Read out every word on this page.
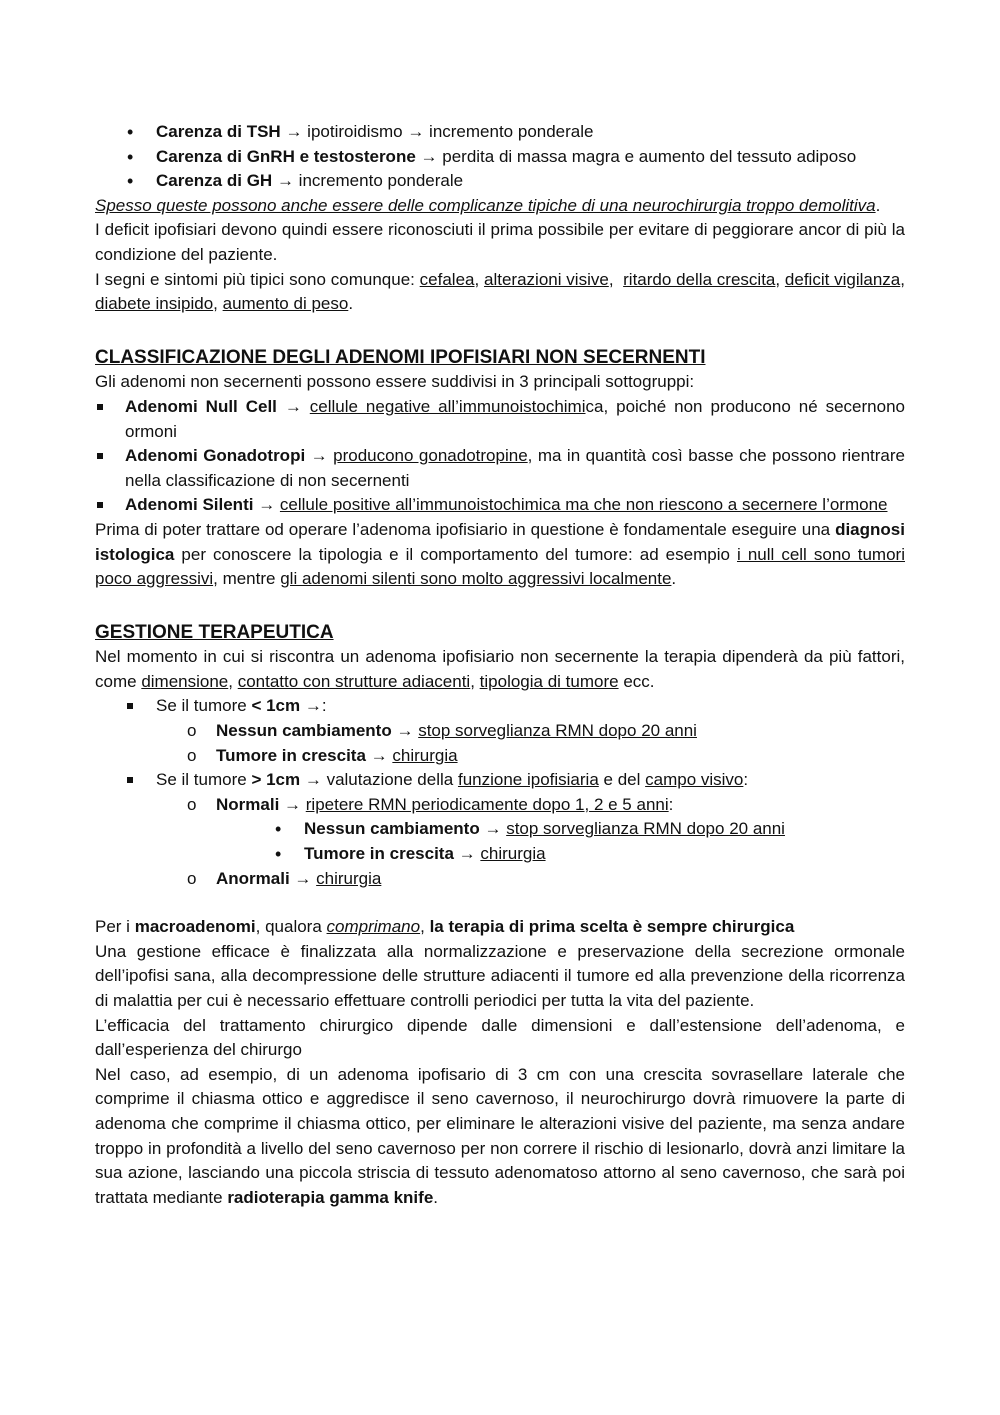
• Carenza di TSH → ipotiroidismo → incremento ponderale
• Carenza di GnRH e testosterone → perdita di massa magra e aumento del tessuto adiposo
• Carenza di GH → incremento ponderale

Spesso queste possono anche essere delle complicanze tipiche di una neurochirurgia troppo demolitiva.

I deficit ipofisiari devono quindi essere riconosciuti il prima possibile per evitare di peggiorare ancor di più la condizione del paziente.

I segni e sintomi più tipici sono comunque: cefalea, alterazioni visive,  ritardo della crescita, deficit vigilanza, diabete insipido, aumento di peso.

CLASSIFICAZIONE DEGLI ADENOMI IPOFISIARI NON SECERNENTI

Gli adenomi non secernenti possono essere suddivisi in 3 principali sottogruppi:

Adenomi Null Cell → cellule negative all’immunoistochimica, poiché non producono né secernono ormoni
Adenomi Gonadotropi → producono gonadotropine, ma in quantità così basse che possono rientrare nella classificazione di non secernenti
Adenomi Silenti → cellule positive all’immunoistochimica ma che non riescono a secernere l’ormone

Prima di poter trattare od operare l’adenoma ipofisiario in questione è fondamentale eseguire una diagnosi istologica per conoscere la tipologia e il comportamento del tumore: ad esempio i null cell sono tumori poco aggressivi, mentre gli adenomi silenti sono molto aggressivi localmente.

GESTIONE TERAPEUTICA

Nel momento in cui si riscontra un adenoma ipofisiario non secernente la terapia dipenderà da più fattori, come dimensione, contatto con strutture adiacenti, tipologia di tumore ecc.

Se il tumore < 1cm →:
o Nessun cambiamento → stop sorveglianza RMN dopo 20 anni
o Tumore in crescita → chirurgia
Se il tumore > 1cm → valutazione della funzione ipofisiaria e del campo visivo:
o Normali → ripetere RMN periodicamente dopo 1, 2 e 5 anni:
• Nessun cambiamento → stop sorveglianza RMN dopo 20 anni
• Tumore in crescita → chirurgia
o Anormali → chirurgia

Per i macroadenomi, qualora comprimano, la terapia di prima scelta è sempre chirurgica

Una gestione efficace è finalizzata alla normalizzazione e preservazione della secrezione ormonale dell’ipofisi sana, alla decompressione delle strutture adiacenti il tumore ed alla prevenzione della ricorrenza di malattia per cui è necessario effettuare controlli periodici per tutta la vita del paziente.

L’efficacia del trattamento chirurgico dipende dalle dimensioni e dall’estensione dell’adenoma, e dall’esperienza del chirurgo

Nel caso, ad esempio, di un adenoma ipofisario di 3 cm con una crescita sovrasellare laterale che comprime il chiasma ottico e aggredisce il seno cavernoso, il neurochirurgo dovrà rimuovere la parte di adenoma che comprime il chiasma ottico, per eliminare le alterazioni visive del paziente, ma senza andare troppo in profondità a livello del seno cavernoso per non correre il rischio di lesionarlo, dovrà anzi limitare la sua azione, lasciando una piccola striscia di tessuto adenomatoso attorno al seno cavernoso, che sarà poi trattata mediante radioterapia gamma knife.
